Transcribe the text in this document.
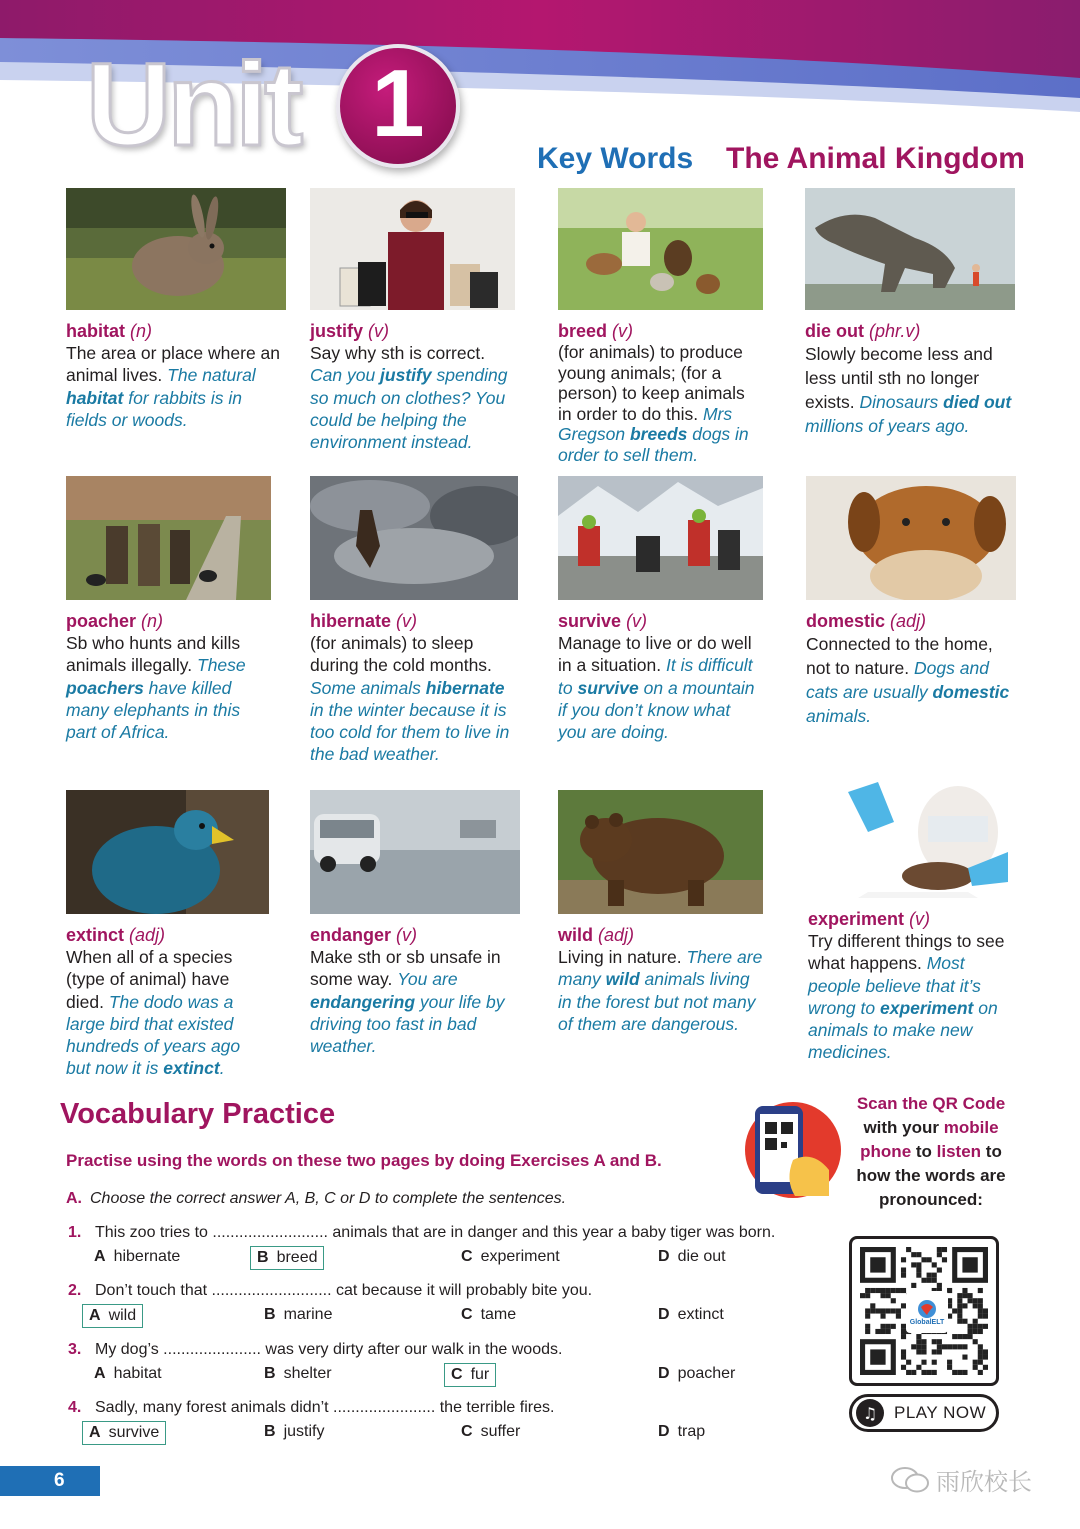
Unit 1
Key Words The Animal Kingdom
habitat (n)
The area or place where an animal lives. The natural habitat for rabbits is in fields or woods.
justify (v)
Say why sth is correct. Can you justify spending so much on clothes? You could be helping the environment instead.
breed (v)
(for animals) to produce young animals; (for a person) to keep animals in order to do this. Mrs Gregson breeds dogs in order to sell them.
die out (phr.v)
Slowly become less and less until sth no longer exists. Dinosaurs died out millions of years ago.
poacher (n)
Sb who hunts and kills animals illegally. These poachers have killed many elephants in this part of Africa.
hibernate (v)
(for animals) to sleep during the cold months. Some animals hibernate in the winter because it is too cold for them to live in the bad weather.
survive (v)
Manage to live or do well in a situation. It is difficult to survive on a mountain if you don’t know what you are doing.
domestic (adj)
Connected to the home, not to nature. Dogs and cats are usually domestic animals.
extinct (adj)
When all of a species (type of animal) have died. The dodo was a large bird that existed hundreds of years ago but now it is extinct.
endanger (v)
Make sth or sb unsafe in some way. You are endangering your life by driving too fast in bad weather.
wild (adj)
Living in nature. There are many wild animals living in the forest but not many of them are dangerous.
experiment (v)
Try different things to see what happens. Most people believe that it’s wrong to experiment on animals to make new medicines.
Vocabulary Practice
Practise using the words on these two pages by doing Exercises A and B.
A. Choose the correct answer A, B, C or D to complete the sentences.
1. This zoo tries to .......................... animals that are in danger and this year a baby tiger was born.
A hibernate	B breed	C experiment	D die out
2. Don’t touch that ........................... cat because it will probably bite you.
A wild	B marine	C tame	D extinct
3. My dog’s ...................... was very dirty after our walk in the woods.
A habitat	B shelter	C fur	D poacher
4. Sadly, many forest animals didn’t ....................... the terrible fires.
A survive	B justify	C suffer	D trap
Scan the QR Code
with your mobile
phone to listen to
how the words are
pronounced:
GlobalELT
♫ PLAY NOW
6	雨欣校长
